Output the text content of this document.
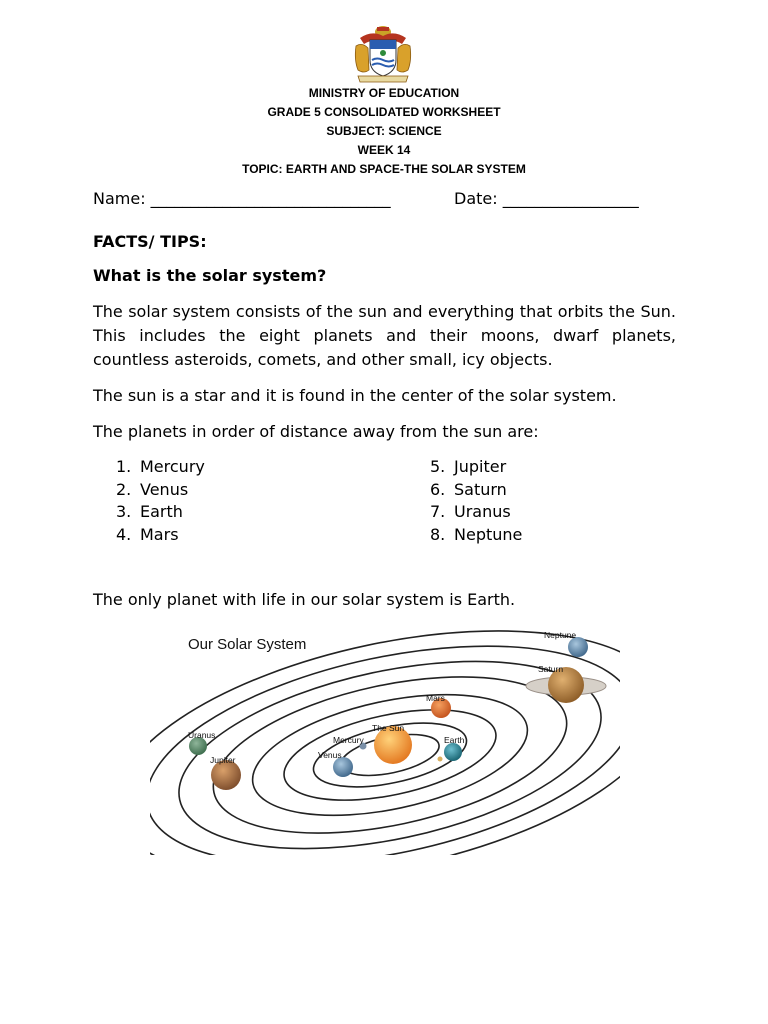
MINISTRY OF EDUCATION
GRADE 5 CONSOLIDATED WORKSHEET
SUBJECT: SCIENCE
WEEK 14
TOPIC: EARTH AND SPACE-THE SOLAR SYSTEM
Name: ______________________________	Date: _________________
FACTS/ TIPS:
What is the solar system?
The solar system consists of the sun and everything that orbits the Sun. This includes the eight planets and their moons, dwarf planets, countless asteroids, comets, and other small, icy objects.
The sun is a star and it is found in the center of the solar system.
The planets in order of distance away from the sun are:
1. Mercury
2. Venus
3. Earth
4. Mars
5. Jupiter
6. Saturn
7. Uranus
8. Neptune
The only planet with life in our solar system is Earth.
Our Solar System
The Sun
Mercury
Venus
Earth
Mars
Jupiter
Saturn
Uranus
Neptune
